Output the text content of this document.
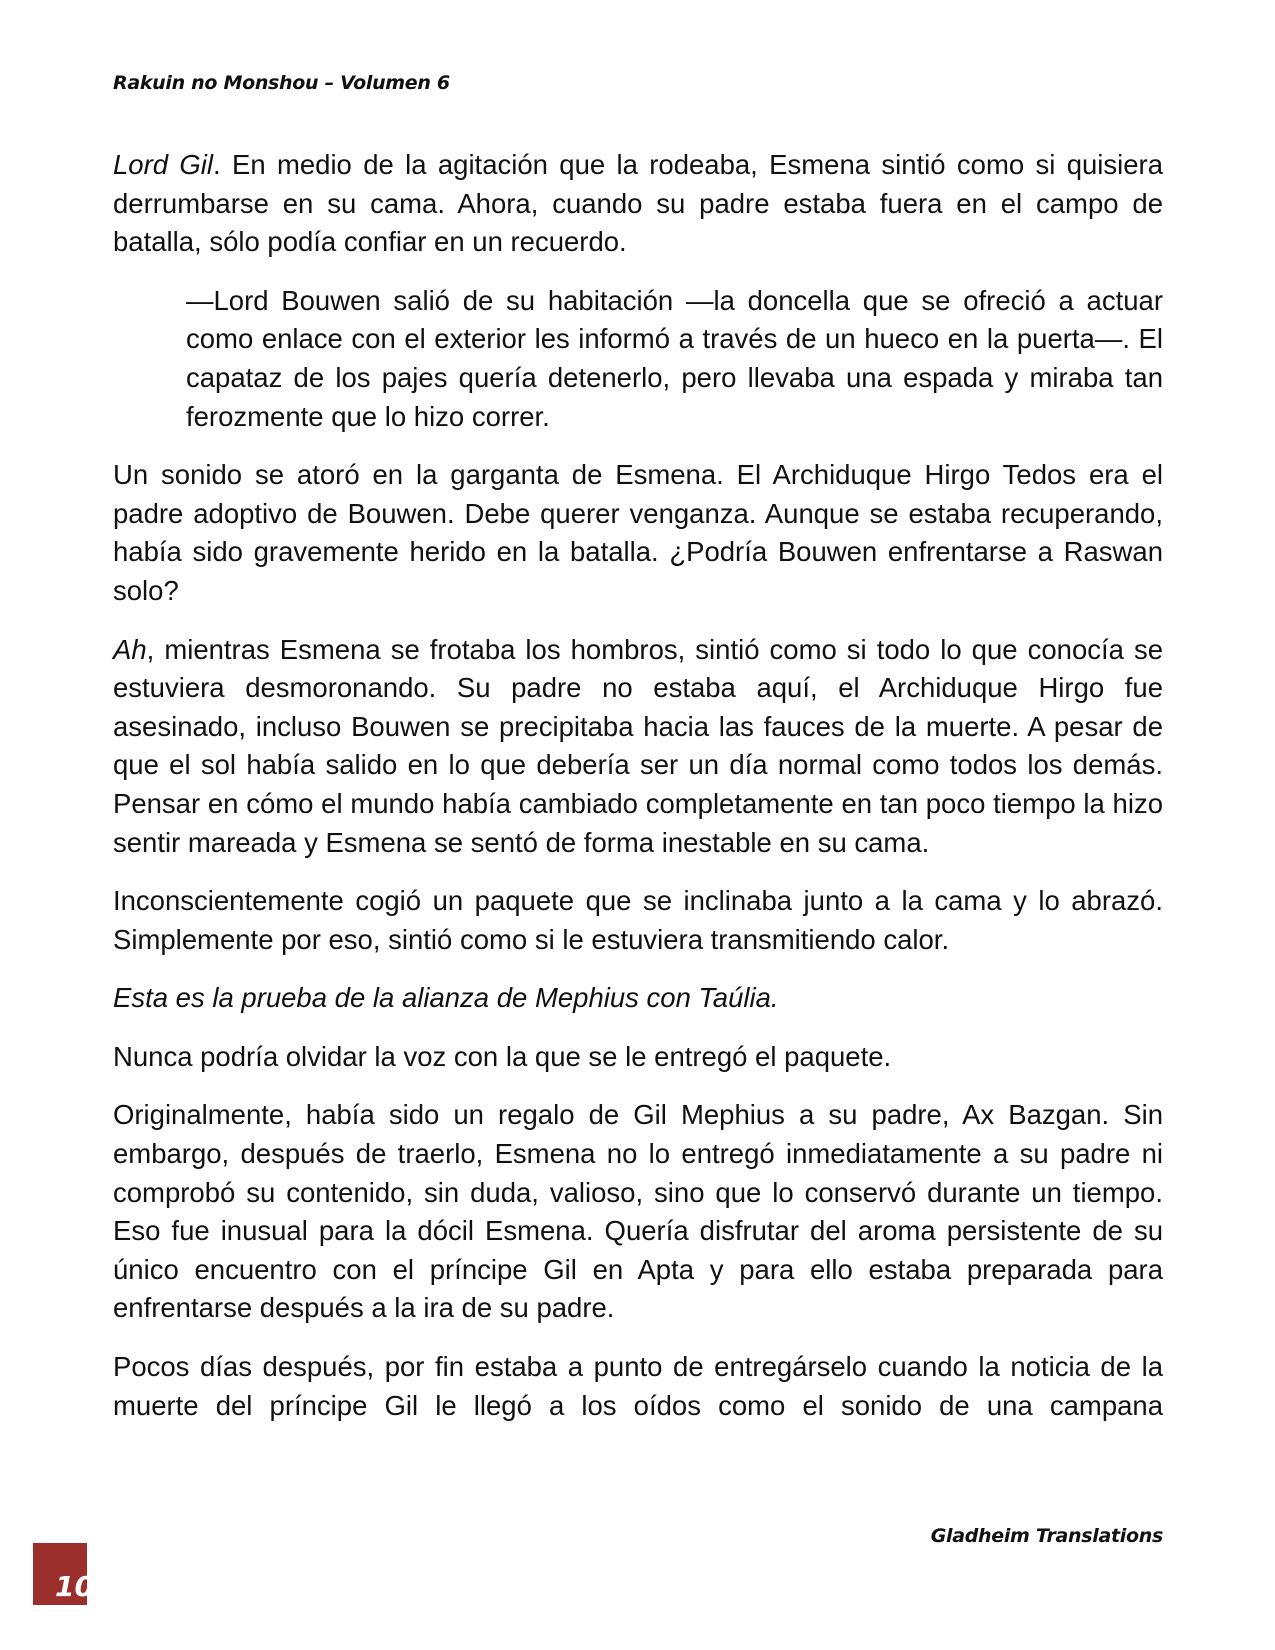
Rakuin no Monshou – Volumen 6

Lord Gil. En medio de la agitación que la rodeaba, Esmena sintió como si quisiera derrumbarse en su cama. Ahora, cuando su padre estaba fuera en el campo de batalla, sólo podía confiar en un recuerdo.

—Lord Bouwen salió de su habitación —la doncella que se ofreció a actuar como enlace con el exterior les informó a través de un hueco en la puerta—. El capataz de los pajes quería detenerlo, pero llevaba una espada y miraba tan ferozmente que lo hizo correr.

Un sonido se atoró en la garganta de Esmena. El Archiduque Hirgo Tedos era el padre adoptivo de Bouwen. Debe querer venganza. Aunque se estaba recuperando, había sido gravemente herido en la batalla. ¿Podría Bouwen enfrentarse a Raswan solo?

Ah, mientras Esmena se frotaba los hombros, sintió como si todo lo que conocía se estuviera desmoronando. Su padre no estaba aquí, el Archiduque Hirgo fue asesinado, incluso Bouwen se precipitaba hacia las fauces de la muerte. A pesar de que el sol había salido en lo que debería ser un día normal como todos los demás. Pensar en cómo el mundo había cambiado completamente en tan poco tiempo la hizo sentir mareada y Esmena se sentó de forma inestable en su cama.

Inconscientemente cogió un paquete que se inclinaba junto a la cama y lo abrazó. Simplemente por eso, sintió como si le estuviera transmitiendo calor.

Esta es la prueba de la alianza de Mephius con Taúlia.

Nunca podría olvidar la voz con la que se le entregó el paquete.

Originalmente, había sido un regalo de Gil Mephius a su padre, Ax Bazgan. Sin embargo, después de traerlo, Esmena no lo entregó inmediatamente a su padre ni comprobó su contenido, sin duda, valioso, sino que lo conservó durante un tiempo. Eso fue inusual para la dócil Esmena. Quería disfrutar del aroma persistente de su único encuentro con el príncipe Gil en Apta y para ello estaba preparada para enfrentarse después a la ira de su padre.

Pocos días después, por fin estaba a punto de entregárselo cuando la noticia de la muerte del príncipe Gil le llegó a los oídos como el sonido de una campana

Gladheim Translations
10
